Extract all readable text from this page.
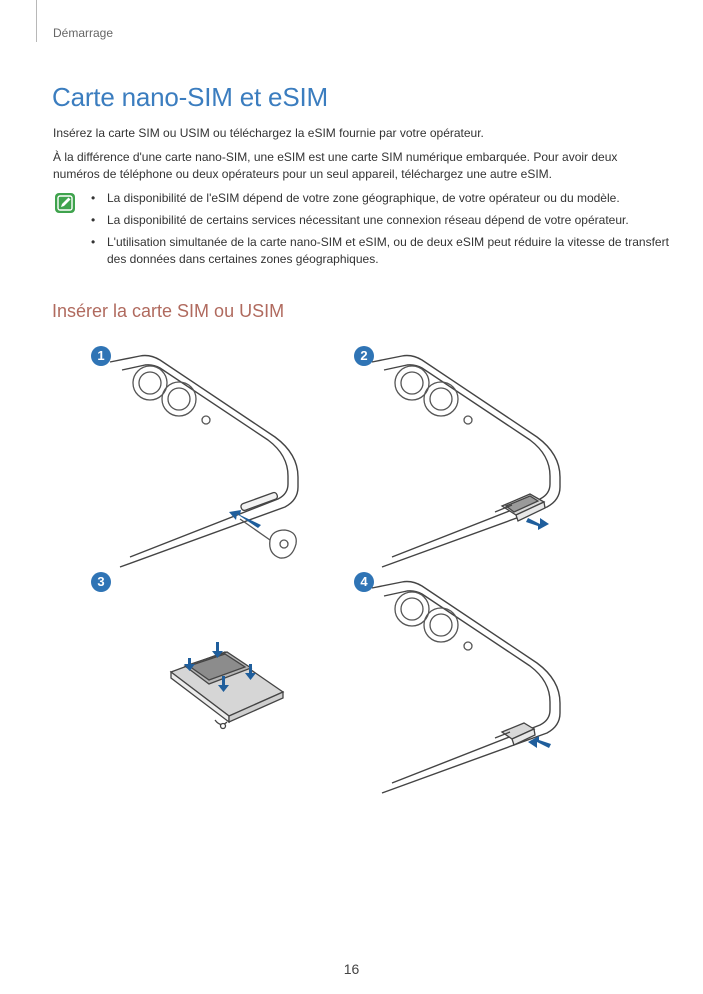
Démarrage
Carte nano-SIM et eSIM

Insérez la carte SIM ou USIM ou téléchargez la eSIM fournie par votre opérateur.

À la différence d'une carte nano-SIM, une eSIM est une carte SIM numérique embarquée. Pour avoir deux numéros de téléphone ou deux opérateurs pour un seul appareil, téléchargez une autre eSIM.

• La disponibilité de l'eSIM dépend de votre zone géographique, de votre opérateur ou du modèle.
• La disponibilité de certains services nécessitant une connexion réseau dépend de votre opérateur.
• L'utilisation simultanée de la carte nano-SIM et eSIM, ou de deux eSIM peut réduire la vitesse de transfert des données dans certaines zones géographiques.
Insérer la carte SIM ou USIM
1	2
3	4
16
